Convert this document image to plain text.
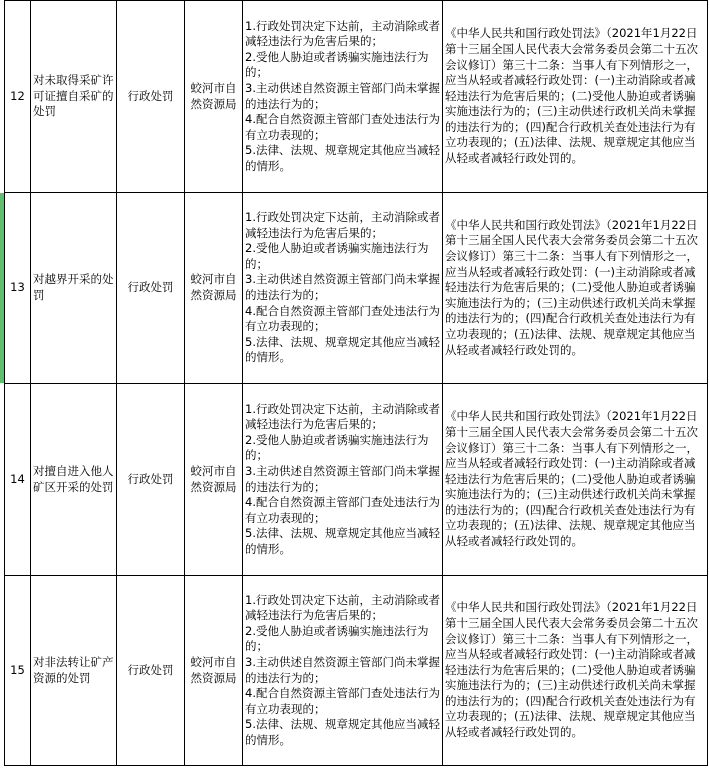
12	对未取得采矿许可证擅自采矿的处罚	行政处罚	蛟河市自然资源局	1.行政处罚决定下达前，主动消除或者减轻违法行为危害后果的；
2.受他人胁迫或者诱骗实施违法行为的；
3.主动供述自然资源主管部门尚未掌握的违法行为的；
4.配合自然资源主管部门查处违法行为有立功表现的；
5.法律、法规、规章规定其他应当减轻的情形。	《中华人民共和国行政处罚法》（2021年1月22日第十三届全国人民代表大会常务委员会第二十五次会议修订）第三十二条：当事人有下列情形之一，应当从轻或者减轻行政处罚：(一)主动消除或者减轻违法行为危害后果的；(二)受他人胁迫或者诱骗实施违法行为的；(三)主动供述行政机关尚未掌握的违法行为的；(四)配合行政机关查处违法行为有立功表现的；(五)法律、法规、规章规定其他应当从轻或者减轻行政处罚的。
13	对越界开采的处罚	行政处罚	蛟河市自然资源局	1.行政处罚决定下达前，主动消除或者减轻违法行为危害后果的；
2.受他人胁迫或者诱骗实施违法行为的；
3.主动供述自然资源主管部门尚未掌握的违法行为的；
4.配合自然资源主管部门查处违法行为有立功表现的；
5.法律、法规、规章规定其他应当减轻的情形。	《中华人民共和国行政处罚法》（2021年1月22日第十三届全国人民代表大会常务委员会第二十五次会议修订）第三十二条：当事人有下列情形之一，应当从轻或者减轻行政处罚：(一)主动消除或者减轻违法行为危害后果的；(二)受他人胁迫或者诱骗实施违法行为的；(三)主动供述行政机关尚未掌握的违法行为的；(四)配合行政机关查处违法行为有立功表现的；(五)法律、法规、规章规定其他应当从轻或者减轻行政处罚的。
14	对擅自进入他人矿区开采的处罚	行政处罚	蛟河市自然资源局	1.行政处罚决定下达前，主动消除或者减轻违法行为危害后果的；
2.受他人胁迫或者诱骗实施违法行为的；
3.主动供述自然资源主管部门尚未掌握的违法行为的；
4.配合自然资源主管部门查处违法行为有立功表现的；
5.法律、法规、规章规定其他应当减轻的情形。	《中华人民共和国行政处罚法》（2021年1月22日第十三届全国人民代表大会常务委员会第二十五次会议修订）第三十二条：当事人有下列情形之一，应当从轻或者减轻行政处罚：(一)主动消除或者减轻违法行为危害后果的；(二)受他人胁迫或者诱骗实施违法行为的；(三)主动供述行政机关尚未掌握的违法行为的；(四)配合行政机关查处违法行为有立功表现的；(五)法律、法规、规章规定其他应当从轻或者减轻行政处罚的。
15	对非法转让矿产资源的处罚	行政处罚	蛟河市自然资源局	1.行政处罚决定下达前，主动消除或者减轻违法行为危害后果的；
2.受他人胁迫或者诱骗实施违法行为的；
3.主动供述自然资源主管部门尚未掌握的违法行为的；
4.配合自然资源主管部门查处违法行为有立功表现的；
5.法律、法规、规章规定其他应当减轻的情形。	《中华人民共和国行政处罚法》（2021年1月22日第十三届全国人民代表大会常务委员会第二十五次会议修订）第三十二条：当事人有下列情形之一，应当从轻或者减轻行政处罚：(一)主动消除或者减轻违法行为危害后果的；(二)受他人胁迫或者诱骗实施违法行为的；(三)主动供述行政机关尚未掌握的违法行为的；(四)配合行政机关查处违法行为有立功表现的；(五)法律、法规、规章规定其他应当从轻或者减轻行政处罚的。
